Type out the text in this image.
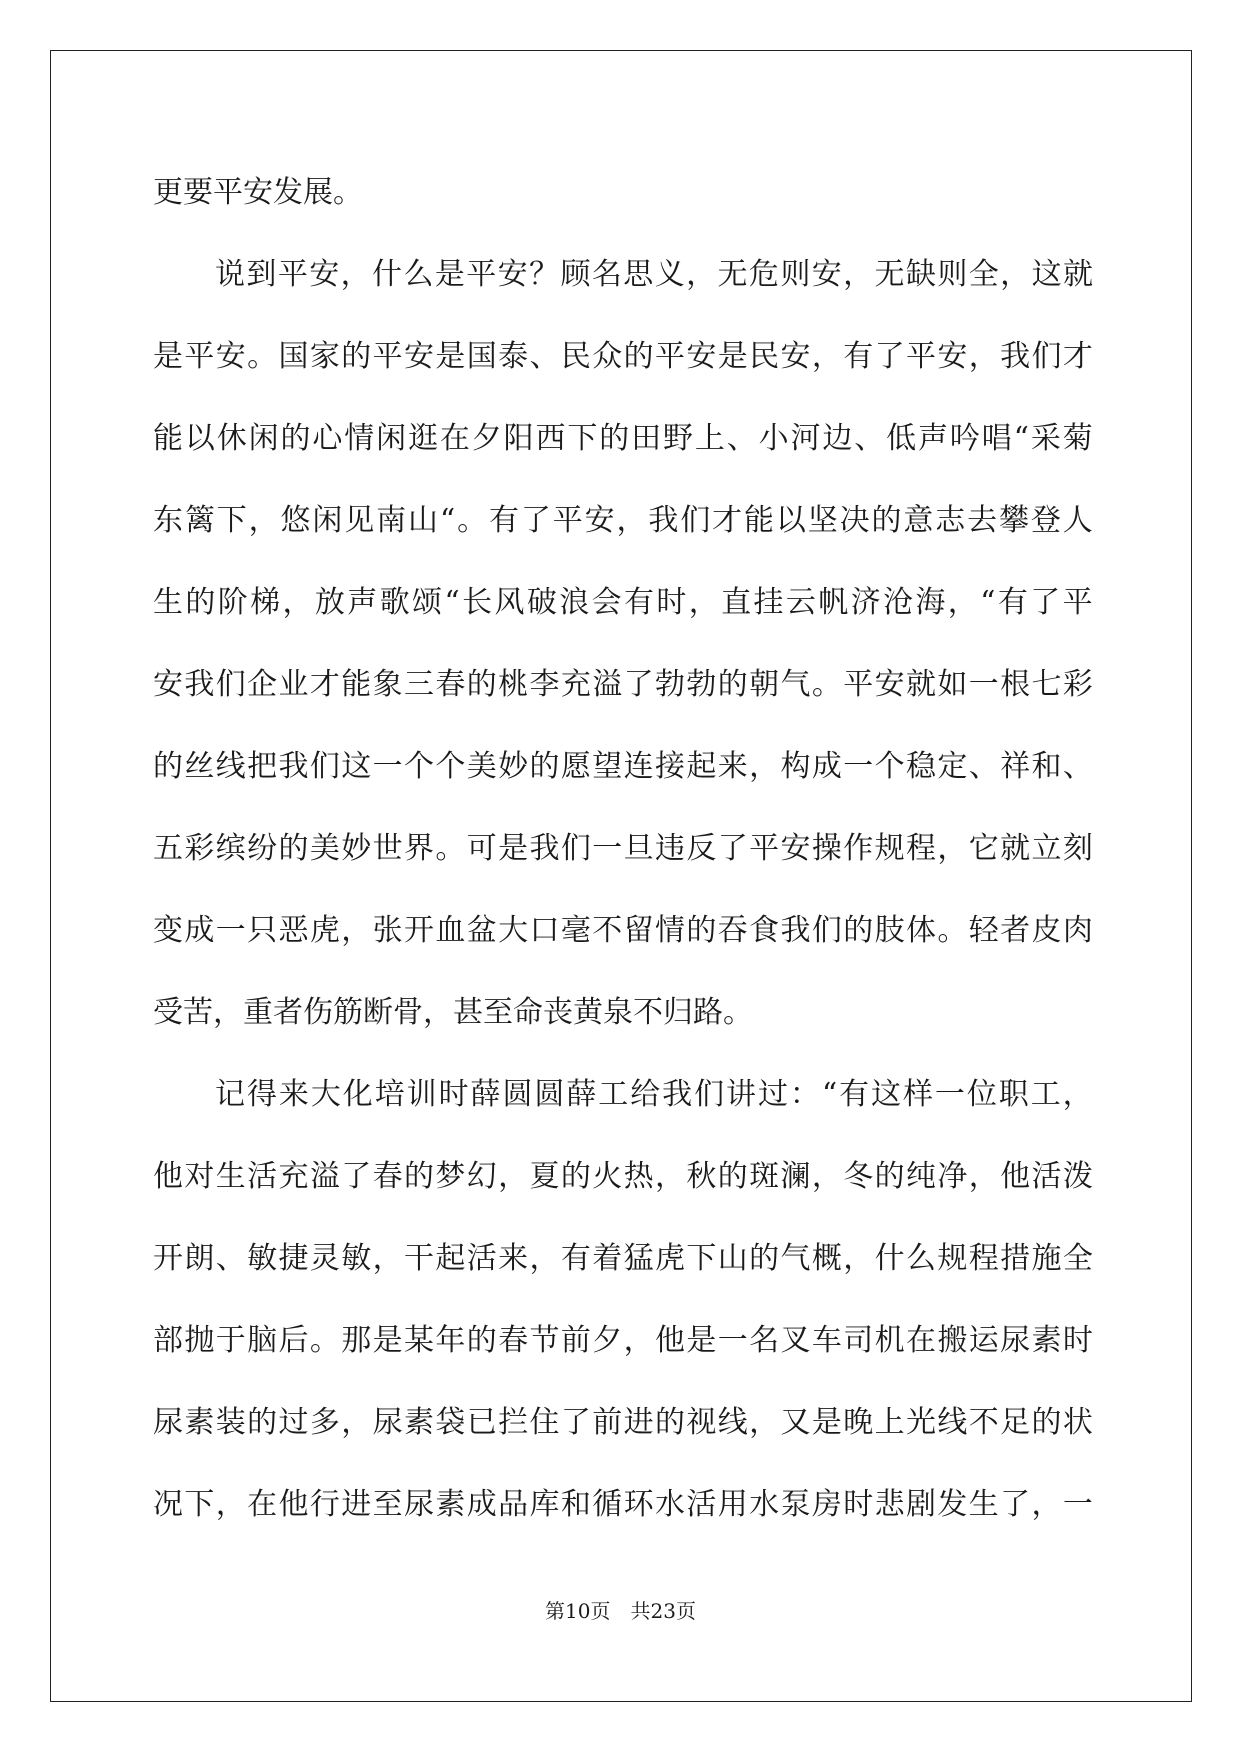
更 要 平 安 发 展 。
说 到 平 安 ， 什 么 是 平 安 ？ 顾 名 思 义 ， 无 危 则 安 ， 无 缺 则 全 ， 这 就
是 平 安 。 国 家 的 平 安 是 国 泰 、 民 众 的 平 安 是 民 安 ， 有 了 平 安 ， 我 们 才
能 以 休 闲 的 心 情 闲 逛 在 夕 阳 西 下 的 田 野 上 、 小 河 边 、 低 声 吟 唱 “ 采 菊
东 篱 下 ， 悠 闲 见 南 山 “ 。 有 了 平 安 ， 我 们 才 能 以 坚 决 的 意 志 去 攀 登 人
生 的 阶 梯 ， 放 声 歌 颂 “ 长 风 破 浪 会 有 时 ， 直 挂 云 帆 济 沧 海 ， “ 有 了 平
安 我 们 企 业 才 能 象 三 春 的 桃 李 充 溢 了 勃 勃 的 朝 气 。 平 安 就 如 一 根 七 彩
的 丝 线 把 我 们 这 一 个 个 美 妙 的 愿 望 连 接 起 来 ， 构 成 一 个 稳 定 、 祥 和 、
五 彩 缤 纷 的 美 妙 世 界 。 可 是 我 们 一 旦 违 反 了 平 安 操 作 规 程 ， 它 就 立 刻
变 成 一 只 恶 虎 ， 张 开 血 盆 大 口 毫 不 留 情 的 吞 食 我 们 的 肢 体 。 轻 者 皮 肉
受 苦 ， 重 者 伤 筋 断 骨 ， 甚 至 命 丧 黄 泉 不 归 路 。
记 得 来 大 化 培 训 时 薛 圆 圆 薛 工 给 我 们 讲 过 ： “ 有 这 样 一 位 职 工 ，
他 对 生 活 充 溢 了 春 的 梦 幻 ， 夏 的 火 热 ， 秋 的 斑 澜 ， 冬 的 纯 净 ， 他 活 泼
开 朗 、 敏 捷 灵 敏 ， 干 起 活 来 ， 有 着 猛 虎 下 山 的 气 概 ， 什 么 规 程 措 施 全
部 抛 于 脑 后 。 那 是 某 年 的 春 节 前 夕 ， 他 是 一 名 叉 车 司 机 在 搬 运 尿 素 时
尿 素 装 的 过 多 ， 尿 素 袋 已 拦 住 了 前 进 的 视 线 ， 又 是 晚 上 光 线 不 足 的 状
况 下 ， 在 他 行 进 至 尿 素 成 品 库 和 循 环 水 活 用 水 泵 房 时 悲 剧 发 生 了 ， 一
第10页　共23页
